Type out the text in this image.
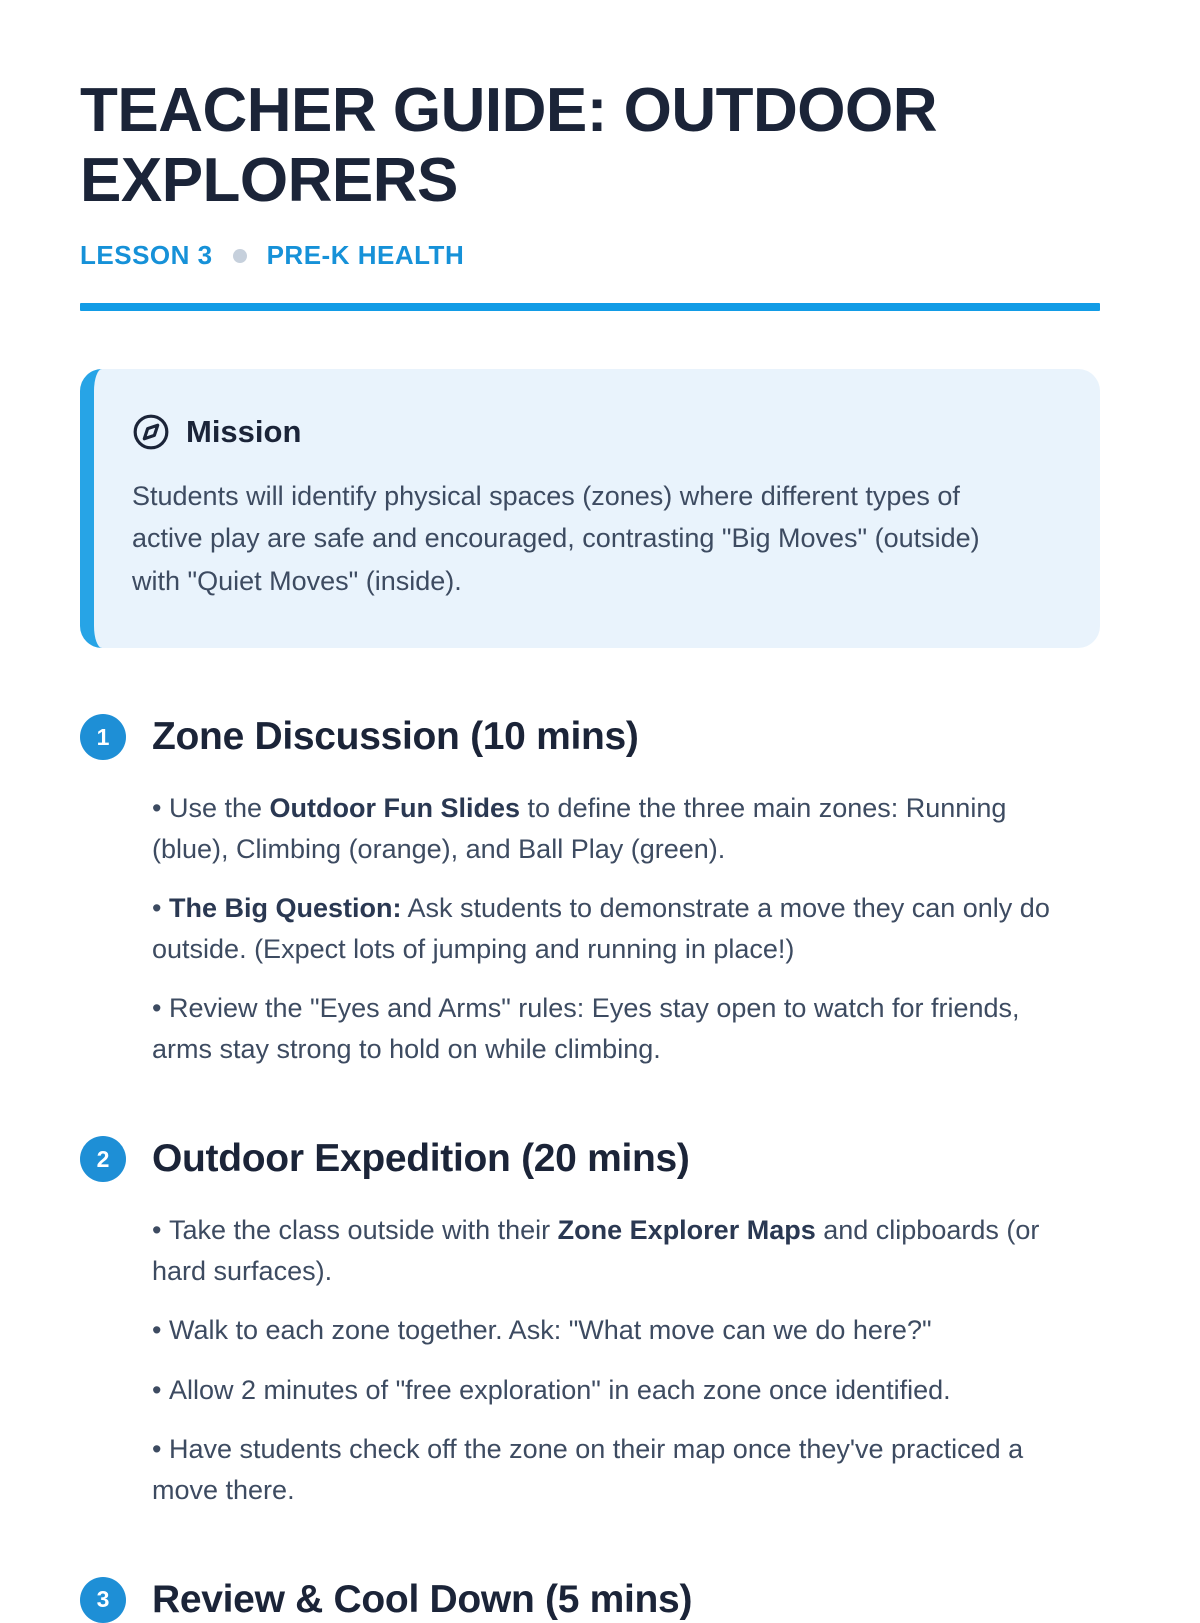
TEACHER GUIDE: OUTDOOR EXPLORERS
LESSON 3 PRE-K HEALTH
Mission
Students will identify physical spaces (zones) where different types of active play are safe and encouraged, contrasting "Big Moves" (outside) with "Quiet Moves" (inside).
1	Zone Discussion (10 mins)
• Use the Outdoor Fun Slides to define the three main zones: Running (blue), Climbing (orange), and Ball Play (green).
• The Big Question: Ask students to demonstrate a move they can only do outside. (Expect lots of jumping and running in place!)
• Review the "Eyes and Arms" rules: Eyes stay open to watch for friends, arms stay strong to hold on while climbing.
2	Outdoor Expedition (20 mins)
• Take the class outside with their Zone Explorer Maps and clipboards (or hard surfaces).
• Walk to each zone together. Ask: "What move can we do here?"
• Allow 2 minutes of "free exploration" in each zone once identified.
• Have students check off the zone on their map once they've practiced a move there.
3	Review & Cool Down (5 mins)
